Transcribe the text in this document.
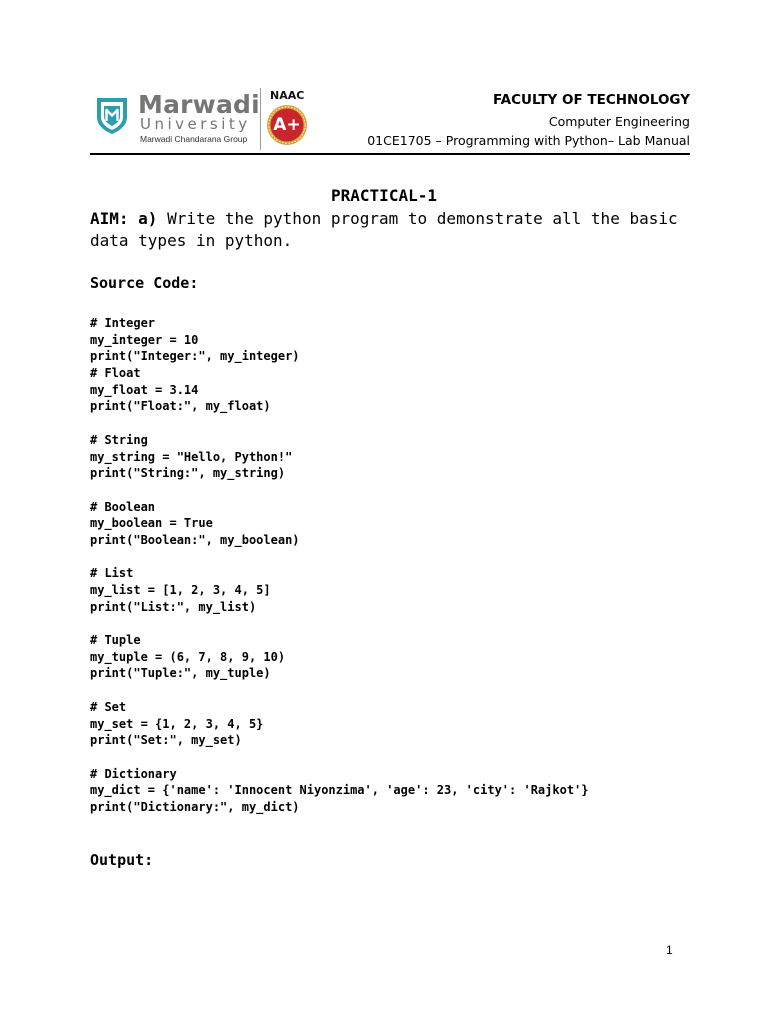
Marwadi
University
Marwadi Chandarana Group
NAAC
A+
FACULTY OF TECHNOLOGY
Computer Engineering
01CE1705 – Programming with Python– Lab Manual
PRACTICAL-1
AIM: a) Write the python program to demonstrate all the basic data types in python.
Source Code:
# Integer
my_integer = 10
print("Integer:", my_integer)
# Float
my_float = 3.14
print("Float:", my_float)
# String
my_string = "Hello, Python!"
print("String:", my_string)
# Boolean
my_boolean = True
print("Boolean:", my_boolean)
# List
my_list = [1, 2, 3, 4, 5]
print("List:", my_list)
# Tuple
my_tuple = (6, 7, 8, 9, 10)
print("Tuple:", my_tuple)
# Set
my_set = {1, 2, 3, 4, 5}
print("Set:", my_set)
# Dictionary
my_dict = {'name': 'Innocent Niyonzima', 'age': 23, 'city': 'Rajkot'}
print("Dictionary:", my_dict)
Output:
1
